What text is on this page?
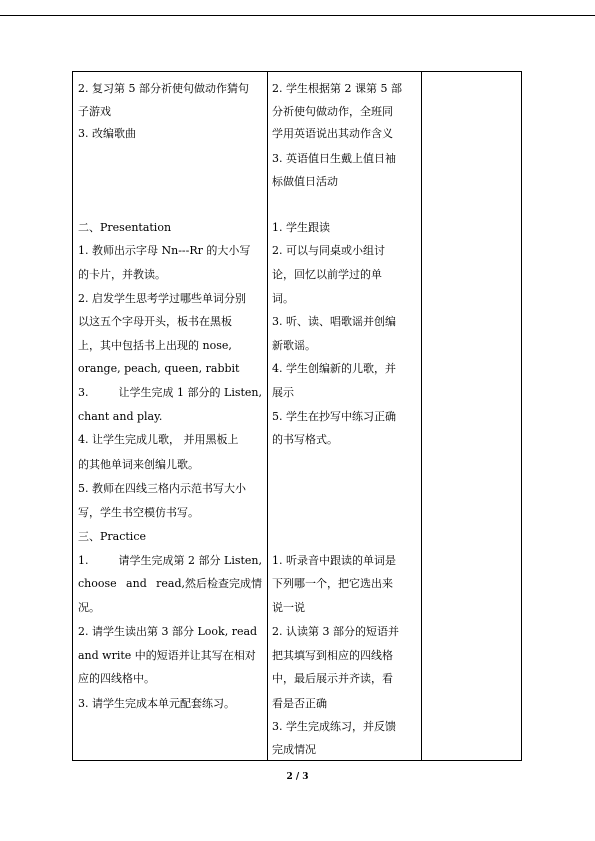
2. 复习第 5 部分祈使句做动作猜句
子游戏
3. 改编歌曲
二、Presentation
1. 教师出示字母 Nn---Rr 的大小写
的卡片，并教读。
2. 启发学生思考学过哪些单词分别
以这五个字母开头，板书在黑板
上，其中包括书上出现的 nose,
orange, peach, queen, rabbit
3.	让学生完成 1 部分的 Listen,
chant and play.
4. 让学生完成儿歌， 并用黑板上
的其他单词来创编儿歌。
5. 教师在四线三格内示范书写大小
写，学生书空模仿书写。
三、Practice
1.	请学生完成第 2 部分 Listen,
choose and read,然后检查完成情
况。
2. 请学生读出第 3 部分 Look, read
and write 中的短语并让其写在相对
应的四线格中。
3. 请学生完成本单元配套练习。
2. 学生根据第 2 课第 5 部
分祈使句做动作，全班同
学用英语说出其动作含义
3. 英语值日生戴上值日袖
标做值日活动
1. 学生跟读
2. 可以与同桌或小组讨
论，回忆以前学过的单
词。
3. 听、读、唱歌谣并创编
新歌谣。
4. 学生创编新的儿歌，并
展示
5. 学生在抄写中练习正确
的书写格式。
1. 听录音中跟读的单词是
下列哪一个，把它选出来
说一说
2. 认读第 3 部分的短语并
把其填写到相应的四线格
中，最后展示并齐读，看
看是否正确
3. 学生完成练习，并反馈
完成情况
2 / 3
